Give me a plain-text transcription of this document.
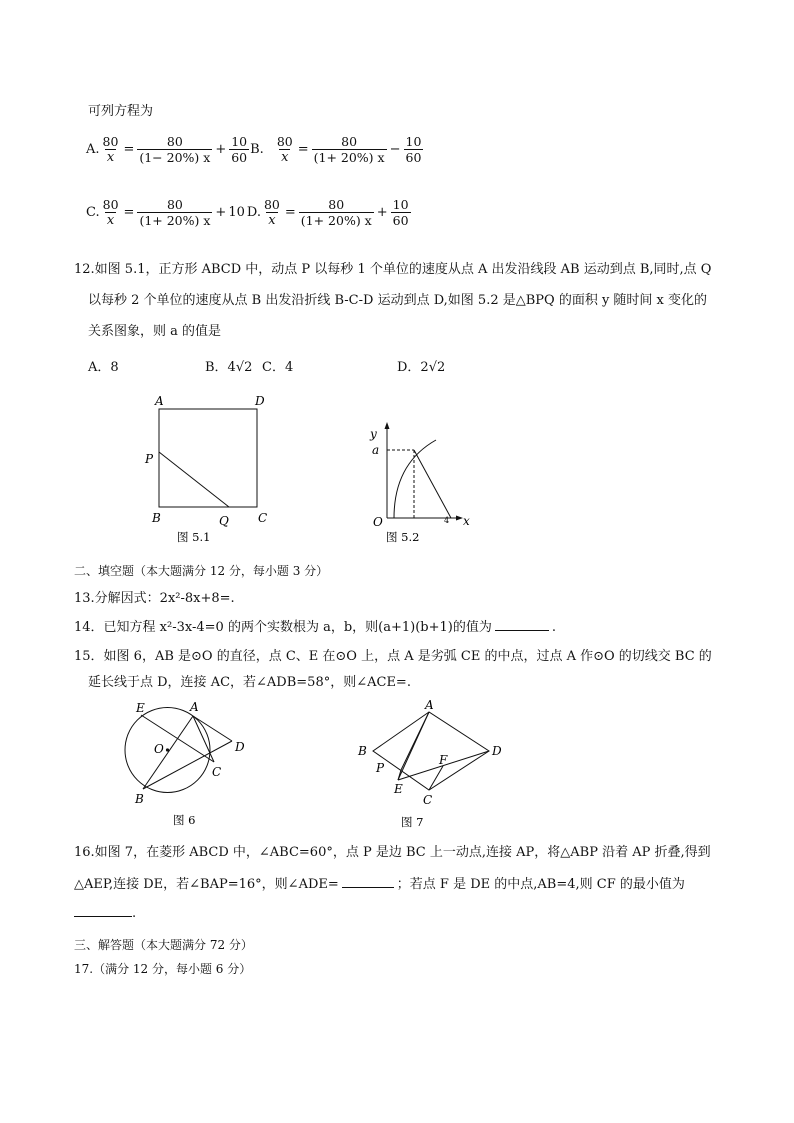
可列方程为
A. $\frac{80}{x} = \frac{80}{(1- 20\%) x} + \frac{10}{60} B$. $\frac{80}{x} = \frac{80}{(1+ 20\%) x} - \frac{10}{60}$
C. $\frac{80}{x} = \frac{80}{(1+ 20\%) x} + 10$ D. $\frac{80}{x} = \frac{80}{(1+ 20\%) x} + \frac{10}{60}$
12.如图 5.1，正方形 ABCD 中，动点 P 以每秒 1 个单位的速度从点 A 出发沿线段 AB 运动到点 B,同时,点 Q
以每秒 2 个单位的速度从点 B 出发沿折线 B-C-D 运动到点 D,如图 5.2 是△BPQ 的面积 y 随时间 x 变化的
关系图象，则 a 的值是
A．8	B．4√2 C．4	D．2√2
A	D
P
B	Q C
图 5.1
y
a
O	4 x
图 5.2
二、填空题（本大题满分 12 分，每小题 3 分）
13.分解因式：2x²-8x+8=.
14．已知方程 x²-3x-4=0 的两个实数根为 a，b，则(a+1)(b+1)的值为	.
15．如图 6，AB 是⊙O 的直径，点 C、E 在⊙O 上，点 A 是劣弧 CE 的中点，过点 A 作⊙O 的切线交 BC 的
延长线于点 D，连接 AC，若∠ADB=58°，则∠ACE=.
E	A
O	D
C
B
图 6
A
B	D
P
F
E
C
图 7
16.如图 7，在菱形 ABCD 中，∠ABC=60°，点 P 是边 BC 上一动点,连接 AP，将△ABP 沿着 AP 折叠,得到
△AEP,连接 DE，若∠BAP=16°，则∠ADE=	；若点 F 是 DE 的中点,AB=4,则 CF 的最小值为
.
三、解答题（本大题满分 72 分）
17.（满分 12 分，每小题 6 分）
